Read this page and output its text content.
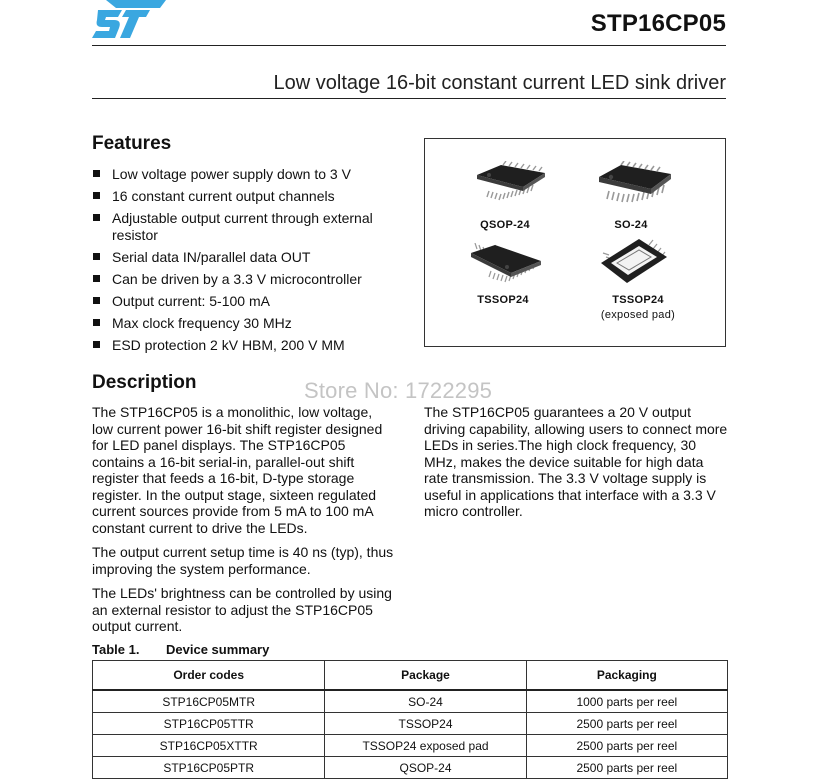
STP16CP05
Low voltage 16-bit constant current LED sink driver
Features
Low voltage power supply down to 3 V
16 constant current output channels
Adjustable output current through external resistor
Serial data IN/parallel data OUT
Can be driven by a 3.3 V microcontroller
Output current: 5-100 mA
Max clock frequency 30 MHz
ESD protection 2 kV HBM, 200 V MM
QSOP-24	SO-24
TSSOP24	TSSOP24
(exposed pad)
Description	Store No: 1722295

The STP16CP05 is a monolithic, low voltage, low current power 16-bit shift register designed for LED panel displays. The STP16CP05 contains a 16-bit serial-in, parallel-out shift register that feeds a 16-bit, D-type storage register. In the output stage, sixteen regulated current sources provide from 5 mA to 100 mA constant current to drive the LEDs.

The output current setup time is 40 ns (typ), thus improving the system performance.

The LEDs' brightness can be controlled by using an external resistor to adjust the STP16CP05 output current.

The STP16CP05 guarantees a 20 V output driving capability, allowing users to connect more LEDs in series.The high clock frequency, 30 MHz, makes the device suitable for high data rate transmission. The 3.3 V voltage supply is useful in applications that interface with a 3.3 V micro controller.

Table 1. Device summary
Order codes	Package	Packaging
STP16CP05MTR	SO-24	1000 parts per reel
STP16CP05TTR	TSSOP24	2500 parts per reel
STP16CP05XTTR	TSSOP24 exposed pad	2500 parts per reel
STP16CP05PTR	QSOP-24	2500 parts per reel
